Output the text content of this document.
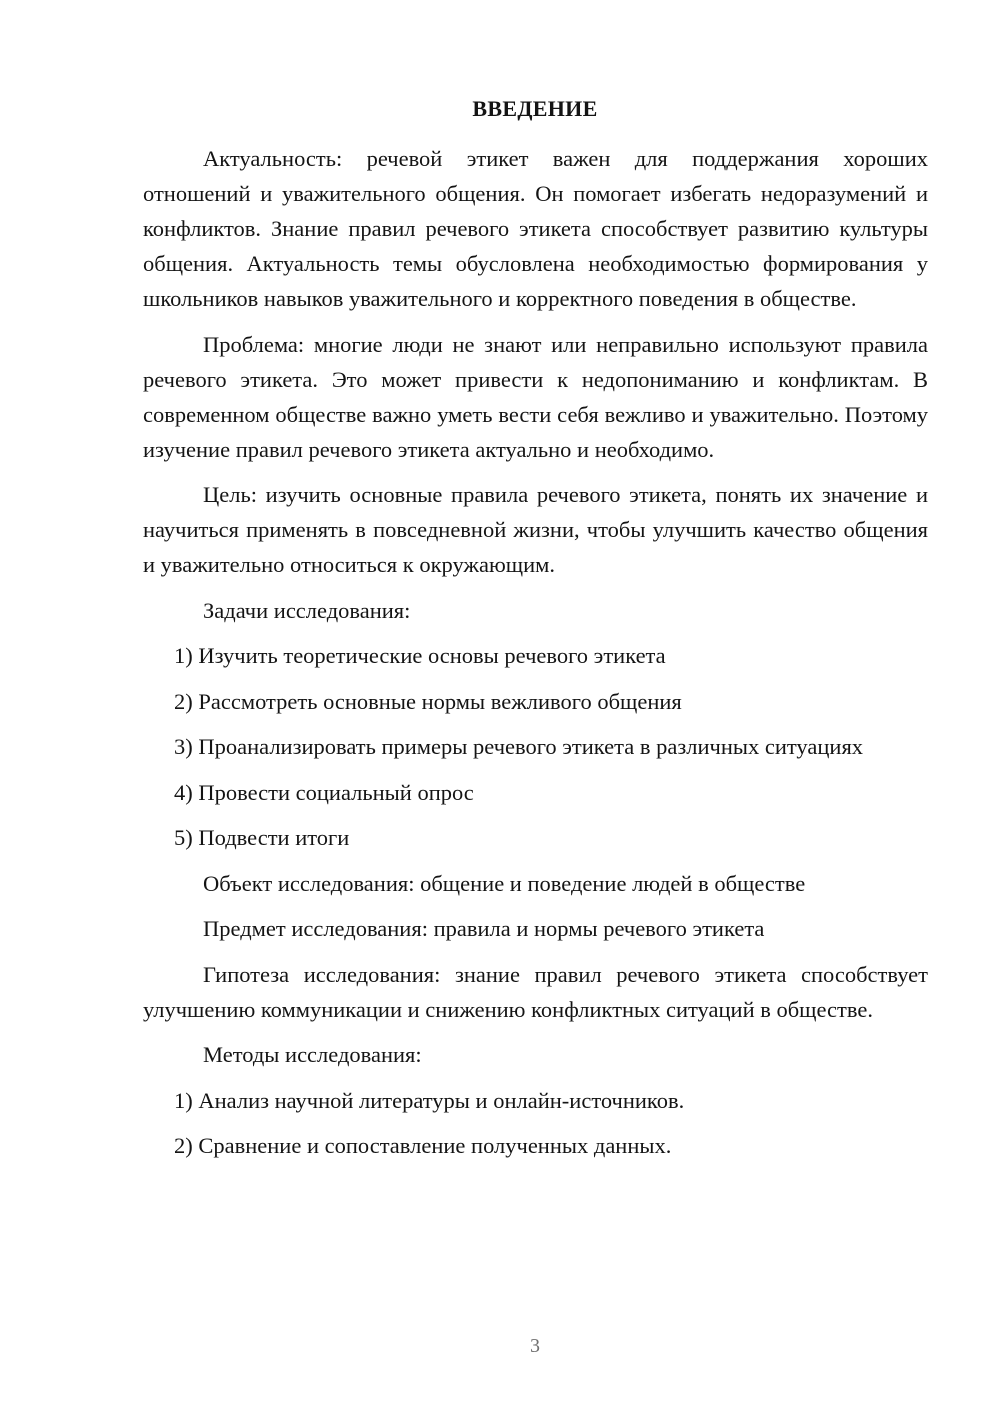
ВВЕДЕНИЕ

Актуальность: речевой этикет важен для поддержания хороших отношений и уважительного общения. Он помогает избегать недоразумений и конфликтов. Знание правил речевого этикета способствует развитию культуры общения. Актуальность темы обусловлена необходимостью формирования у школьников навыков уважительного и корректного поведения в обществе.

Проблема: многие люди не знают или неправильно используют правила речевого этикета. Это может привести к недопониманию и конфликтам. В современном обществе важно уметь вести себя вежливо и уважительно. Поэтому изучение правил речевого этикета актуально и необходимо.

Цель: изучить основные правила речевого этикета, понять их значение и научиться применять в повседневной жизни, чтобы улучшить качество общения и уважительно относиться к окружающим.

Задачи исследования:

1) Изучить теоретические основы речевого этикета

2) Рассмотреть основные нормы вежливого общения

3) Проанализировать примеры речевого этикета в различных ситуациях

4) Провести социальный опрос

5) Подвести итоги

Объект исследования: общение и поведение людей в обществе

Предмет исследования: правила и нормы речевого этикета

Гипотеза исследования: знание правил речевого этикета способствует улучшению коммуникации и снижению конфликтных ситуаций в обществе.

Методы исследования:

1) Анализ научной литературы и онлайн-источников.

2) Сравнение и сопоставление полученных данных.

3
